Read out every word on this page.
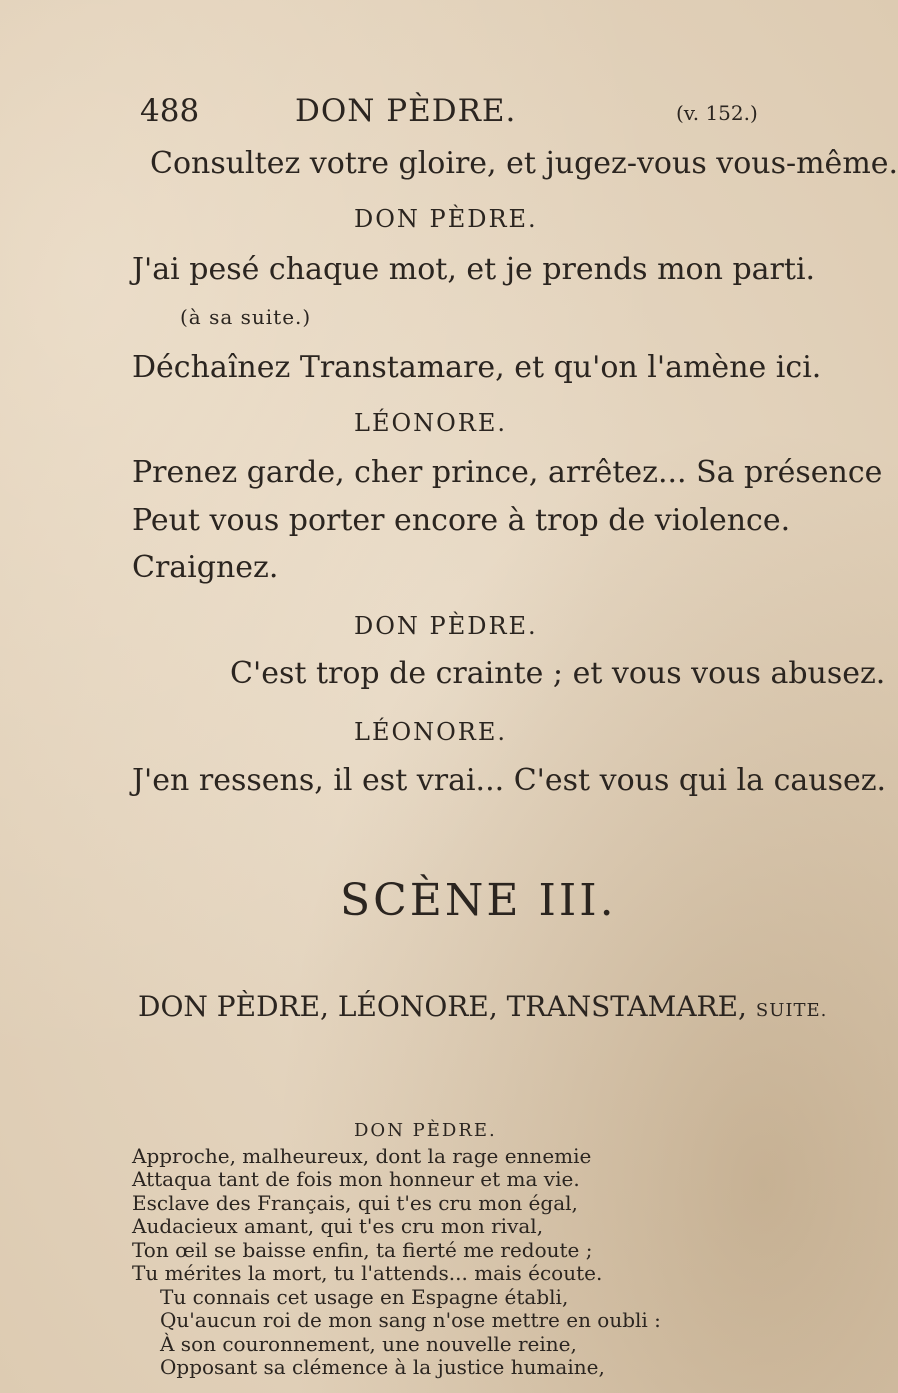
488	DON PÈDRE.	(v. 152.)
Consultez votre gloire, et jugez-vous vous-même.
DON PÈDRE.
J'ai pesé chaque mot, et je prends mon parti.
(à sa suite.)
Déchaînez Transtamare, et qu'on l'amène ici.
LÉONORE.
Prenez garde, cher prince, arrêtez... Sa présence
Peut vous porter encore à trop de violence.
Craignez.
DON PÈDRE.
C'est trop de crainte ; et vous vous abusez.
LÉONORE.
J'en ressens, il est vrai... C'est vous qui la causez.
SCÈNE III.
DON PÈDRE, LÉONORE, TRANSTAMARE, SUITE.
DON PÈDRE.
Approche, malheureux, dont la rage ennemie
Attaqua tant de fois mon honneur et ma vie.
Esclave des Français, qui t'es cru mon égal,
Audacieux amant, qui t'es cru mon rival,
Ton œil se baisse enfin, ta fierté me redoute ;
Tu mérites la mort, tu l'attends... mais écoute.
Tu connais cet usage en Espagne établi,
Qu'aucun roi de mon sang n'ose mettre en oubli :
À son couronnement, une nouvelle reine,
Opposant sa clémence à la justice humaine,
